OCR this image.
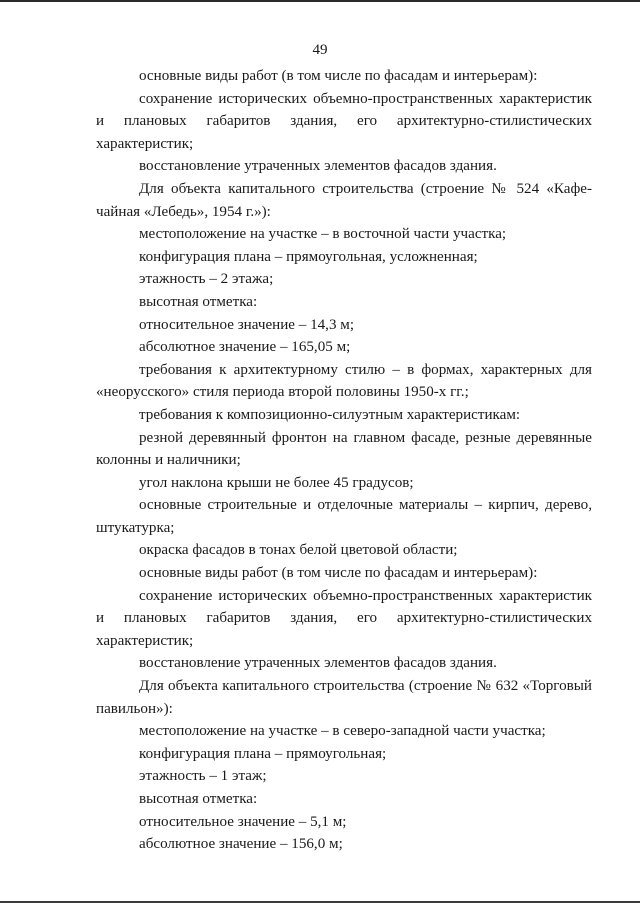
49

основные виды работ (в том числе по фасадам и интерьерам):

сохранение исторических объемно-пространственных характеристик и плановых габаритов здания, его архитектурно-стилистических характеристик;

восстановление утраченных элементов фасадов здания.

Для объекта капитального строительства (строение № 524 «Кафе-чайная «Лебедь», 1954 г.»):

местоположение на участке – в восточной части участка;

конфигурация плана – прямоугольная, усложненная;

этажность – 2 этажа;

высотная отметка:

относительное значение – 14,3 м;

абсолютное значение – 165,05 м;

требования к архитектурному стилю – в формах, характерных для «неорусского» стиля периода второй половины 1950-х гг.;

требования к композиционно-силуэтным характеристикам:

резной деревянный фронтон на главном фасаде, резные деревянные колонны и наличники;

угол наклона крыши не более 45 градусов;

основные строительные и отделочные материалы – кирпич, дерево, штукатурка;

окраска фасадов в тонах белой цветовой области;

основные виды работ (в том числе по фасадам и интерьерам):

сохранение исторических объемно-пространственных характеристик и плановых габаритов здания, его архитектурно-стилистических характеристик;

восстановление утраченных элементов фасадов здания.

Для объекта капитального строительства (строение № 632 «Торговый павильон»):

местоположение на участке – в северо-западной части участка;

конфигурация плана – прямоугольная;

этажность – 1 этаж;

высотная отметка:

относительное значение – 5,1 м;

абсолютное значение – 156,0 м;
